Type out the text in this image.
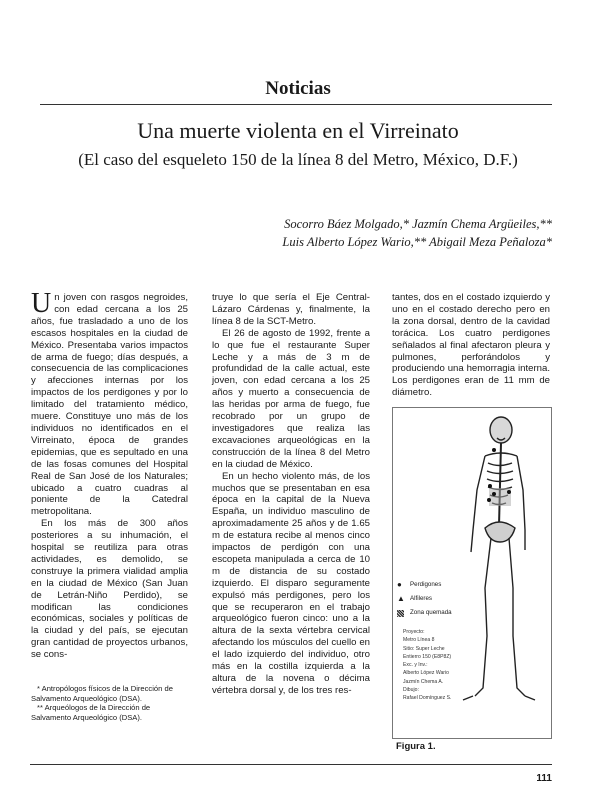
Noticias
Una muerte violenta en el Virreinato
(El caso del esqueleto 150 de la línea 8 del Metro, México, D.F.)
Socorro Báez Molgado,* Jazmín Chema Argüeiles,**
Luis Alberto López Wario,** Abigail Meza Peñaloza*

Un joven con rasgos negroides, con edad cercana a los 25 años, fue trasladado a uno de los escasos hospitales en la ciudad de México. Presentaba varios impactos de arma de fuego; días después, a consecuencia de las complicaciones y afecciones internas por los impactos de los perdigones y por lo limitado del tratamiento médico, muere. Constituye uno más de los individuos no identificados en el Virreinato, época de grandes epidemias, que es sepultado en una de las fosas comunes del Hospital Real de San José de los Naturales; ubicado a cuatro cuadras al poniente de la Catedral metropolitana.

En los más de 300 años posteriores a su inhumación, el hospital se reutiliza para otras actividades, es demolido, se construye la primera vialidad amplia en la ciudad de México (San Juan de Letrán-Niño Perdido), se modifican las condiciones económicas, sociales y políticas de la ciudad y del país, se ejecutan gran cantidad de proyectos urbanos, se cons-

truye lo que sería el Eje Central-Lázaro Cárdenas y, finalmente, la línea 8 de la SCT-Metro.

El 26 de agosto de 1992, frente a lo que fue el restaurante Super Leche y a más de 3 m de profundidad de la calle actual, este joven, con edad cercana a los 25 años y muerto a consecuencia de las heridas por arma de fuego, fue recobrado por un grupo de investigadores que realiza las excavaciones arqueológicas en la construcción de la línea 8 del Metro en la ciudad de México.

En un hecho violento más, de los muchos que se presentaban en esa época en la capital de la Nueva España, un individuo masculino de aproximadamente 25 años y de 1.65 m de estatura recibe al menos cinco impactos de perdigón con una escopeta manipulada a cerca de 10 m de distancia de su costado izquierdo. El disparo seguramente expulsó más perdigones, pero los que se recuperaron en el trabajo arqueológico fueron cinco: uno a la altura de la sexta vértebra cervical afectando los músculos del cuello en el lado izquierdo del individuo, otro más en la costilla izquierda a la altura de la novena o décima vértebra dorsal y, de los tres res-

tantes, dos en el costado izquierdo y uno en el costado derecho pero en la zona dorsal, dentro de la cavidad torácica. Los cuatro perdigones señalados al final afectaron pleura y pulmones, perforándolos y produciendo una hemorragia interna. Los perdigones eran de 11 mm de diámetro.

* Antropólogos físicos de la Dirección de Salvamento Arqueológico (DSA).
** Arqueólogos de la Dirección de Salvamento Arqueológico (DSA).
●	Perdigones
▲ Alfileres
Zona quemada
Proyecto:
Metro Línea 8
Sitio: Super Leche
Entierro 150 (E8P8Z)
Exc. y Inv.:
Alberto López Wario
Jazmín Chema A.
Dibujo:
Rafael Domínguez S.
Figura 1.
111
